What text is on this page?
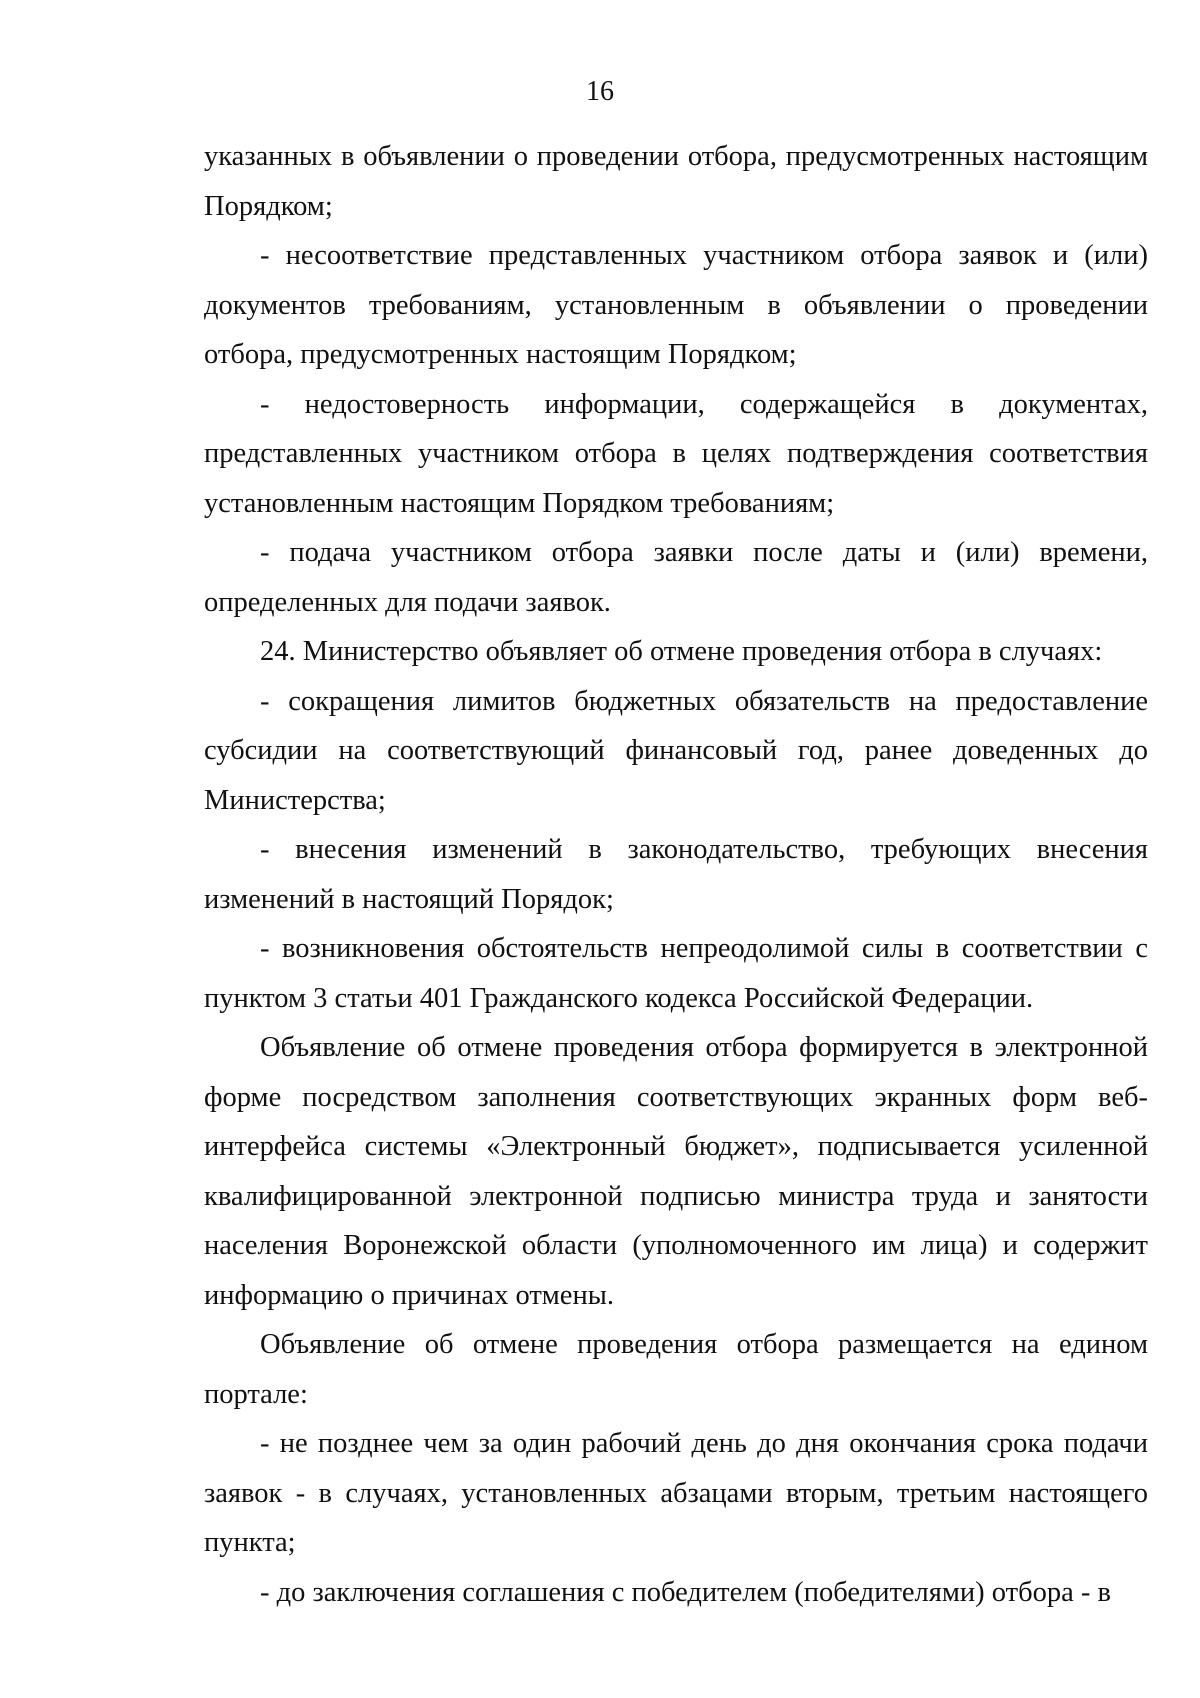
16

указанных в объявлении о проведении отбора, предусмотренных настоящим Порядком;

- несоответствие представленных участником отбора заявок и (или) документов требованиям, установленным в объявлении о проведении отбора, предусмотренных настоящим Порядком;

- недостоверность информации, содержащейся в документах, представленных участником отбора в целях подтверждения соответствия установленным настоящим Порядком требованиям;

- подача участником отбора заявки после даты и (или) времени, определенных для подачи заявок.

24. Министерство объявляет об отмене проведения отбора в случаях:

- сокращения лимитов бюджетных обязательств на предоставление субсидии на соответствующий финансовый год, ранее доведенных до Министерства;

- внесения изменений в законодательство, требующих внесения изменений в настоящий Порядок;

- возникновения обстоятельств непреодолимой силы в соответствии с пунктом 3 статьи 401 Гражданского кодекса Российской Федерации.

Объявление об отмене проведения отбора формируется в электронной форме посредством заполнения соответствующих экранных форм веб-интерфейса системы «Электронный бюджет», подписывается усиленной квалифицированной электронной подписью министра труда и занятости населения Воронежской области (уполномоченного им лица) и содержит информацию о причинах отмены.

Объявление об отмене проведения отбора размещается на едином портале:

- не позднее чем за один рабочий день до дня окончания срока подачи заявок - в случаях, установленных абзацами вторым, третьим настоящего пункта;

- до заключения соглашения с победителем (победителями) отбора - в
